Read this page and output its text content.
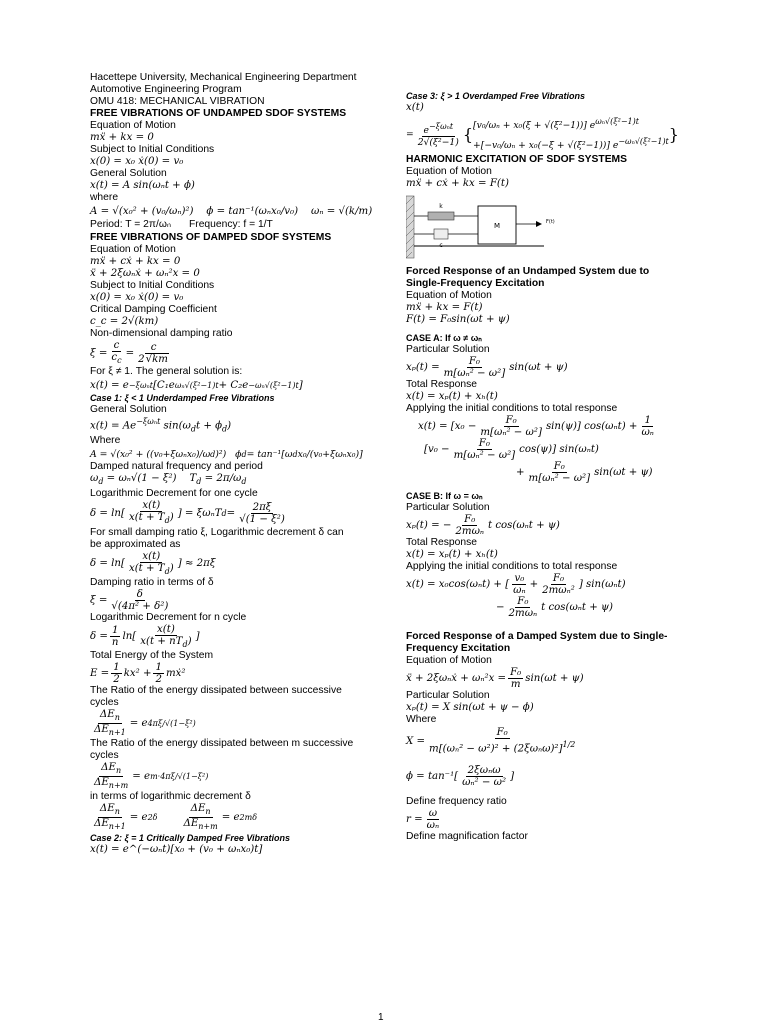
Hacettepe University, Mechanical Engineering Department
Automotive Engineering Program
OMU 418: MECHANICAL VIBRATION
FREE VIBRATIONS OF UNDAMPED SDOF SYSTEMS
Equation of Motion
mẍ + kx = 0
Subject to Initial Conditions
x(0) = x₀ ẋ(0) = v₀
General Solution
x(t) = A sin(ωₙt + ϕ)
where
A = √(x₀² + (v₀/ωₙ)²)    ϕ = tan⁻¹(ωₙx₀/v₀)    ωₙ = √(k/m)
Period: T = 2π/ωₙ Frequency: f = 1/T
FREE VIBRATIONS OF DAMPED SDOF SYSTEMS
Equation of Motion
mẍ + cẋ + kx = 0
ẍ + 2ξωₙẋ + ωₙ²x = 0
Subject to Initial Conditions
x(0) = x₀ ẋ(0) = v₀
Critical Damping Coefficient
c_c = 2√(km)
Non-dimensional damping ratio
ξ =
c
$c_c$
=
c
2√km
For ξ ≠ 1. The general solution is:
x(t) = e −ξωₙt [C₁e ωₙ√(ξ²−1)t + C₂e −ωₙ√(ξ²−1)t ]
Case 1: ξ < 1 Underdamped Free Vibrations
General Solution
$x(t) = Ae^{-\xi\omega_nt}$ $\sin(\omega_dt + \phi_d)$
Where
A = √(x₀² + ((v₀+ξωₙx₀)/ω d )²)   ϕ d = tan⁻¹[ω d x₀/(v₀+ξωₙx₀)]
Damped natural frequency and period
$\omega_d = \omega_n√(1 - \xi^2)$    $T_d = 2\pi/\omega_d$
Logarithmic Decrement for one cycle
δ = ln[
x(t)
$x(t + T_d)$ ] = ξωₙT d =
2πξ
√(1 − ξ²)
For small damping ratio ξ, Logarithmic decrement δ can
be approximated as
δ = ln[
x(t)
$x(t + T_d)$ ] ≈ 2πξ
Damping ratio in terms of δ
ξ =
δ
√(4π² + δ²)
Logarithmic Decrement for n cycle
δ =
1
n
ln[
x(t)
$x(t + nT_d)$ ]
Total Energy of the System
E =
1
2
kx² +
1
2
mẋ²
The Ratio of the energy dissipated between successive
cycles
$\Delta E_n$
$\Delta E_{n+1}$
= e 4πξ/√(1−ξ²)
The Ratio of the energy dissipated between m successive
cycles
$\Delta E_n$
$\Delta E_{n+m}$
= e m·4πξ/√(1−ξ²)
in terms of logarithmic decrement δ
$\Delta E_n$
$\Delta E_{n+1}$
= e 2δ
$\Delta E_n$
$\Delta E_{n+m}$
= e 2mδ
Case 2: ξ = 1 Critically Damped Free Vibrations
x(t) = e^(−ωₙt)[x₀ + (v₀ + ωₙx₀)t]
Case 3: ξ > 1 Overdamped Free Vibrations
x(t)
= $e^{-\xi\omega_nt}$
2√(ξ²−1) { [v₀/ωₙ + x₀(ξ + √(ξ²−1))] $e^{\omega_n√(\xi^2-1)t}$
+[−v₀/ωₙ + x₀(−ξ + √(ξ²−1))] $e^{-\omega_n√(\xi^2-1)t}$ }
HARMONIC EXCITATION OF SDOF SYSTEMS
Equation of Motion
mẍ + cẋ + kx = F(t)
k
c
M	F(t)
Forced Response of an Undamped System due to
Single-Frequency Excitation
Equation of Motion
mẍ + kx = F(t)
F(t) = F₀sin(ωt + ψ)
CASE A: If ω ≠ ωₙ
Particular Solution
xₚ(t) =
F₀
m[ωₙ² − ω²]
sin(ωt + ψ)
Total Response
x(t) = xₚ(t) + xₕ(t)
Applying the initial conditions to total response
x(t) = [x₀ −
F₀
m[ωₙ² − ω²]
sin(ψ)] cos(ωₙt) +
1
ωₙ
[v₀ −
F₀
m[ωₙ² − ω²]
cos(ψ)] sin(ωₙt)
+
F₀
m[ωₙ² − ω²]
sin(ωt + ψ)
CASE B: If ω = ωₙ
Particular Solution
xₚ(t) = −
F₀
2mωₙ
t cos(ωₙt + ψ)
Total Response
x(t) = xₚ(t) + xₕ(t)
Applying the initial conditions to total response
x(t) = x₀cos(ωₙt) + [
v₀
ωₙ
+
F₀
2mωₙ²
] sin(ωₙt)
−
F₀
2mωₙ
t cos(ωₙt + ψ)
Forced Response of a Damped System due to Single-
Frequency Excitation
Equation of Motion
ẍ + 2ξωₙẋ + ωₙ²x =
F₀
m
sin(ωt + ψ)
Particular Solution
xₚ(t) = X sin(ωt + ψ − ϕ)
Where
X =
F₀
$m[(\omega_n^2 - \omega^2)^2 + (2\xi\omega_n\omega)^2]^{1/2}$
ϕ = tan⁻¹[
2ξωₙω
ωₙ² − ω²
]
Define frequency ratio
r =
ω
ωₙ
Define magnification factor
1
